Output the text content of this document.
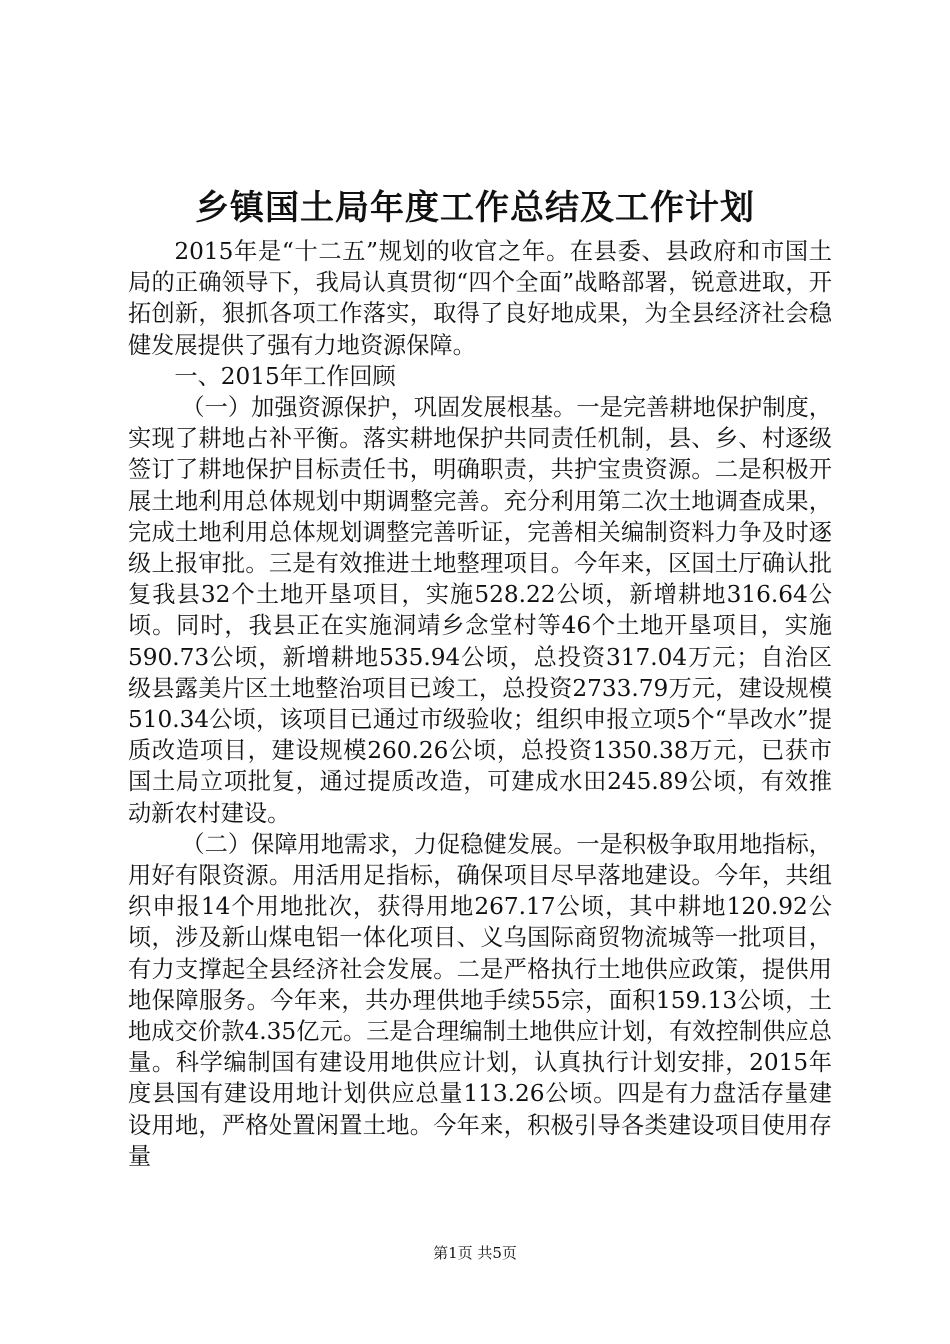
乡镇国土局年度工作总结及工作计划

2015年是“十二五”规划的收官之年。在县委、县政府和市国土局的正确领导下，我局认真贯彻“四个全面”战略部署，锐意进取，开拓创新，狠抓各项工作落实，取得了良好地成果，为全县经济社会稳健发展提供了强有力地资源保障。

一、2015年工作回顾

（一）加强资源保护，巩固发展根基。一是完善耕地保护制度，实现了耕地占补平衡。落实耕地保护共同责任机制，县、乡、村逐级签订了耕地保护目标责任书，明确职责，共护宝贵资源。二是积极开展土地利用总体规划中期调整完善。充分利用第二次土地调查成果，完成土地利用总体规划调整完善听证，完善相关编制资料力争及时逐级上报审批。三是有效推进土地整理项目。今年来，区国土厅确认批复我县32个土地开垦项目，实施528.22公顷，新增耕地316.64公顷。同时，我县正在实施洞靖乡念堂村等46个土地开垦项目，实施590.73公顷，新增耕地535.94公顷，总投资317.04万元；自治区级县露美片区土地整治项目已竣工，总投资2733.79万元，建设规模510.34公顷，该项目已通过市级验收；组织申报立项5个“旱改水”提质改造项目，建设规模260.26公顷，总投资1350.38万元，已获市国土局立项批复，通过提质改造，可建成水田245.89公顷，有效推动新农村建设。

（二）保障用地需求，力促稳健发展。一是积极争取用地指标，用好有限资源。用活用足指标，确保项目尽早落地建设。今年，共组织申报14个用地批次，获得用地267.17公顷，其中耕地120.92公顷，涉及新山煤电铝一体化项目、义乌国际商贸物流城等一批项目，有力支撑起全县经济社会发展。二是严格执行土地供应政策，提供用地保障服务。今年来，共办理供地手续55宗，面积159.13公顷，土地成交价款4.35亿元。三是合理编制土地供应计划，有效控制供应总量。科学编制国有建设用地供应计划，认真执行计划安排，2015年度县国有建设用地计划供应总量113.26公顷。四是有力盘活存量建设用地，严格处置闲置土地。今年来，积极引导各类建设项目使用存量

第1页 共5页
